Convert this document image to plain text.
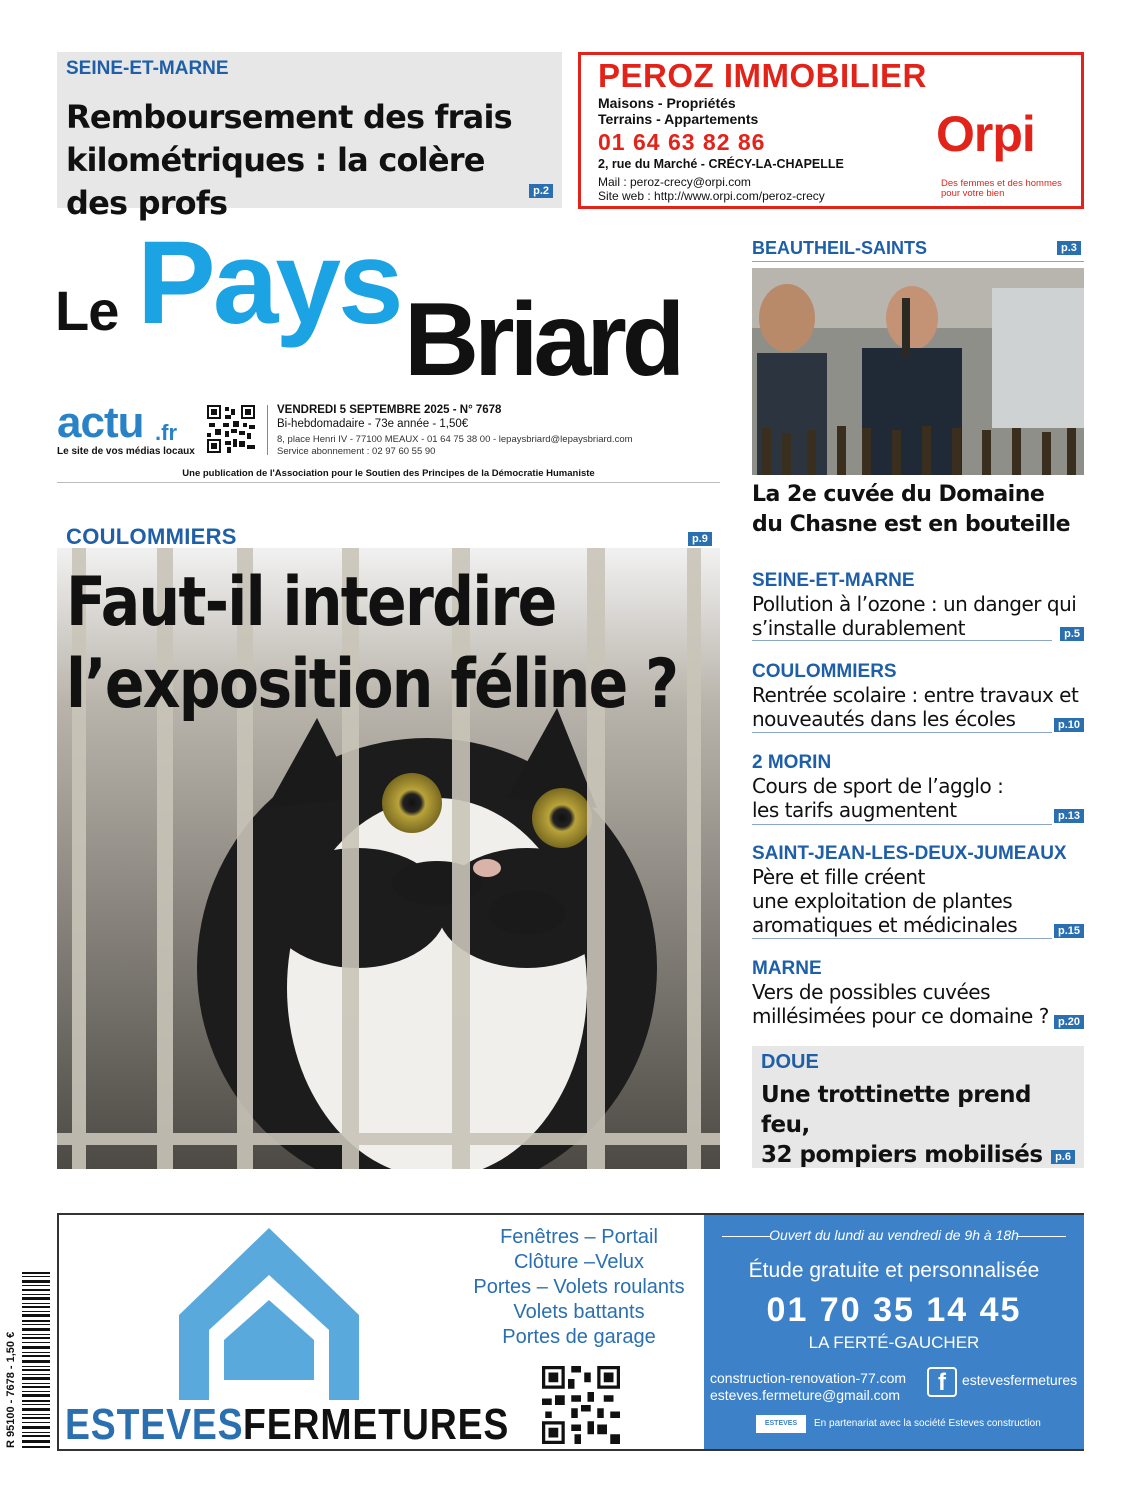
SEINE-ET-MARNE
Remboursement des frais kilométriques : la colère des profs	p.2
PEROZ IMMOBILIER
Maisons - Propriétés
Terrains - Appartements
01 64 63 82 86
2, rue du Marché - CRÉCY-LA-CHAPELLE
Mail : peroz-crecy@orpi.com
Site web : http://www.orpi.com/peroz-crecy
Orpi
Des femmes et des hommes
pour votre bien
Le Pays Briard
actu .fr
Le site de vos médias locaux
VENDREDI 5 SEPTEMBRE 2025 - N° 7678
Bi-hebdomadaire - 73e année - 1,50€
8, place Henri IV - 77100 MEAUX - 01 64 75 38 00 - lepaysbriard@lepaysbriard.com
Service abonnement : 02 97 60 55 90
Une publication de l'Association pour le Soutien des Principes de la Démocratie Humaniste
COULOMMIERS	p.9
Faut-il interdire
l’exposition féline ?
BEAUTHEIL-SAINTS	p.3
La 2e cuvée du Domaine
du Chasne est en bouteille
SEINE-ET-MARNE
Pollution à l’ozone : un danger qui
s’installe durablement	p.5
COULOMMIERS
Rentrée scolaire : entre travaux et
nouveautés dans les écoles	p.10
2 MORIN
Cours de sport de l’agglo :
les tarifs augmentent	p.13
SAINT-JEAN-LES-DEUX-JUMEAUX
Père et fille créent
une exploitation de plantes
aromatiques et médicinales	p.15
MARNE
Vers de possibles cuvées
millésimées pour ce domaine ? p.20
DOUE
Une trottinette prend feu,
32 pompiers mobilisés	p.6
R 95100 - 7678 - 1,50 € ESTEVES FERMETURES
Fenêtres – Portail
Clôture –Velux
Portes – Volets roulants
Volets battants
Portes de garage
Ouvert du lundi au vendredi de 9h à 18h
Étude gratuite et personnalisée
01 70 35 14 45
LA FERTÉ-GAUCHER
construction-renovation-77.com
esteves.fermeture@gmail.com	f	estevesfermetures
ESTEVES CONSTRUCTION
En partenariat avec la société Esteves construction
